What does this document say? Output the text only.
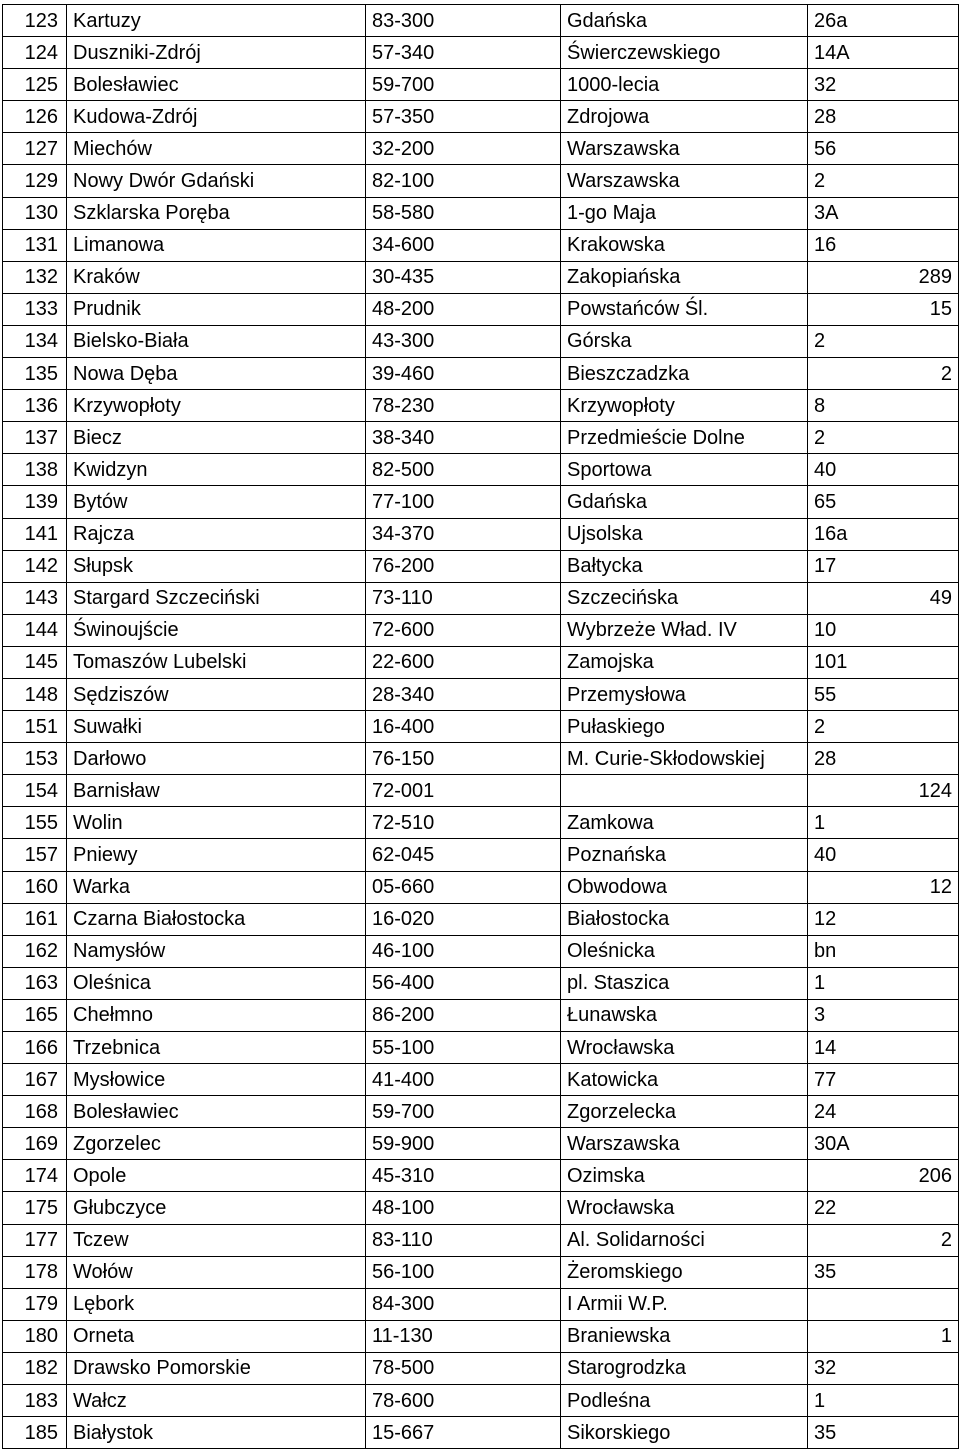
123	Kartuzy	83-300	Gdańska	26a
124	Duszniki-Zdrój	57-340	Świerczewskiego	14A
125	Bolesławiec	59-700	1000-lecia	32
126	Kudowa-Zdrój	57-350	Zdrojowa	28
127	Miechów	32-200	Warszawska	56
129	Nowy Dwór Gdański	82-100	Warszawska	2
130	Szklarska Poręba	58-580	1-go Maja	3A
131	Limanowa	34-600	Krakowska	16
132	Kraków	30-435	Zakopiańska	289
133	Prudnik	48-200	Powstańców Śl.	15
134	Bielsko-Biała	43-300	Górska	2
135	Nowa Dęba	39-460	Bieszczadzka	2
136	Krzywopłoty	78-230	Krzywopłoty	8
137	Biecz	38-340	Przedmieście Dolne	2
138	Kwidzyn	82-500	Sportowa	40
139	Bytów	77-100	Gdańska	65
141	Rajcza	34-370	Ujsolska	16a
142	Słupsk	76-200	Bałtycka	17
143	Stargard Szczeciński	73-110	Szczecińska	49
144	Świnoujście	72-600	Wybrzeże Wład. IV	10
145	Tomaszów Lubelski	22-600	Zamojska	101
148	Sędziszów	28-340	Przemysłowa	55
151	Suwałki	16-400	Pułaskiego	2
153	Darłowo	76-150	M. Curie-Skłodowskiej	28
154	Barnisław	72-001		124
155	Wolin	72-510	Zamkowa	1
157	Pniewy	62-045	Poznańska	40
160	Warka	05-660	Obwodowa	12
161	Czarna Białostocka	16-020	Białostocka	12
162	Namysłów	46-100	Oleśnicka	bn
163	Oleśnica	56-400	pl. Staszica	1
165	Chełmno	86-200	Łunawska	3
166	Trzebnica	55-100	Wrocławska	14
167	Mysłowice	41-400	Katowicka	77
168	Bolesławiec	59-700	Zgorzelecka	24
169	Zgorzelec	59-900	Warszawska	30A
174	Opole	45-310	Ozimska	206
175	Głubczyce	48-100	Wrocławska	22
177	Tczew	83-110	Al. Solidarności	2
178	Wołów	56-100	Żeromskiego	35
179	Lębork	84-300	I Armii W.P.	
180	Orneta	11-130	Braniewska	1
182	Drawsko Pomorskie	78-500	Starogrodzka	32
183	Wałcz	78-600	Podleśna	1
185	Białystok	15-667	Sikorskiego	35
